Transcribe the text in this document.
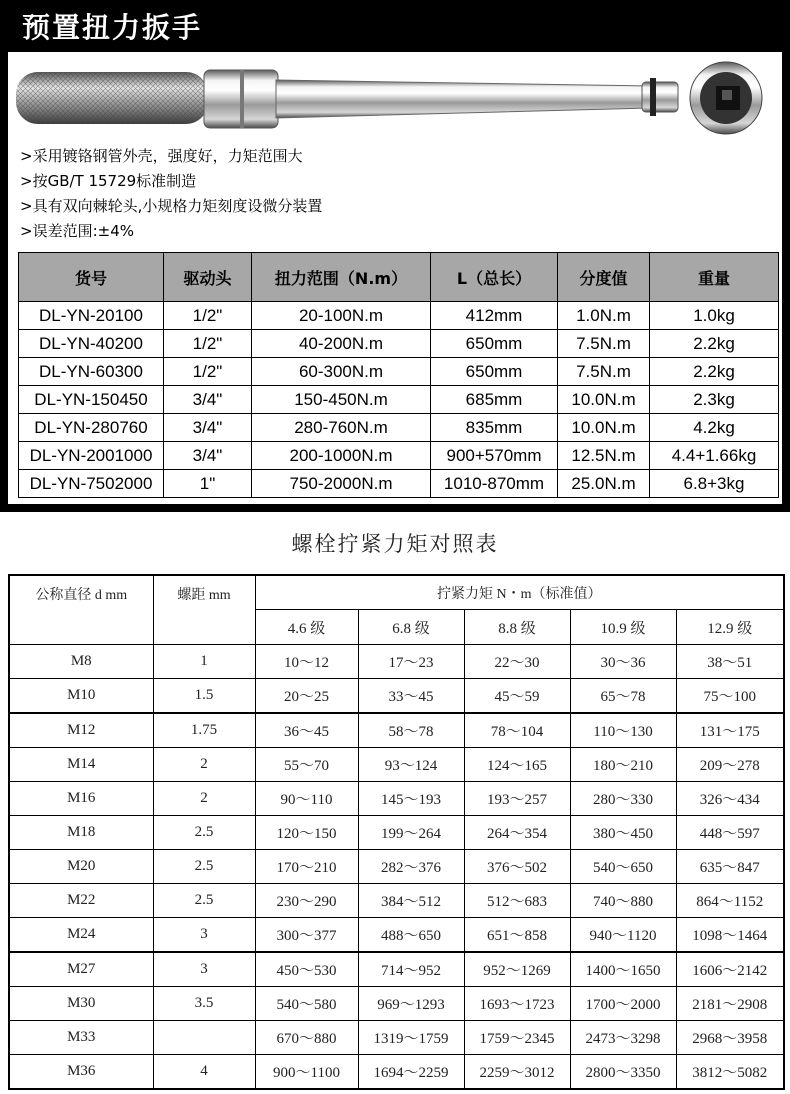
预置扭力扳手
>采用镀铬钢管外壳，强度好，力矩范围大
>按GB/T 15729标准制造
>具有双向棘轮头,小规格力矩刻度设微分装置
>误差范围:±4%
货号	驱动头	扭力范围（N.m）	L（总长）	分度值	重量
DL-YN-20100	1/2"	20-100N.m	412mm	1.0N.m	1.0kg
DL-YN-40200	1/2"	40-200N.m	650mm	7.5N.m	2.2kg
DL-YN-60300	1/2"	60-300N.m	650mm	7.5N.m	2.2kg
DL-YN-150450	3/4"	150-450N.m	685mm	10.0N.m	2.3kg
DL-YN-280760	3/4"	280-760N.m	835mm	10.0N.m	4.2kg
DL-YN-2001000	3/4"	200-1000N.m	900+570mm	12.5N.m	4.4+1.66kg
DL-YN-7502000	1"	750-2000N.m	1010-870mm	25.0N.m	6.8+3kg
螺栓拧紧力矩对照表
公称直径 d mm	螺距 mm	拧紧力矩 N・m（标准值）				
		4.6 级	6.8 级	8.8 级	10.9 级	12.9 级
M8	1	10～12	17～23	22～30	30～36	38～51
M10	1.5	20～25	33～45	45～59	65～78	75～100
M12	1.75	36～45	58～78	78～104	110～130	131～175
M14	2	55～70	93～124	124～165	180～210	209～278
M16	2	90～110	145～193	193～257	280～330	326～434
M18	2.5	120～150	199～264	264～354	380～450	448～597
M20	2.5	170～210	282～376	376～502	540～650	635～847
M22	2.5	230～290	384～512	512～683	740～880	864～1152
M24	3	300～377	488～650	651～858	940～1120	1098～1464
M27	3	450～530	714～952	952～1269	1400～1650	1606～2142
M30	3.5	540～580	969～1293	1693～1723	1700～2000	2181～2908
M33		670～880	1319～1759	1759～2345	2473～3298	2968～3958
M36	4	900～1100	1694～2259	2259～3012	2800～3350	3812～5082
